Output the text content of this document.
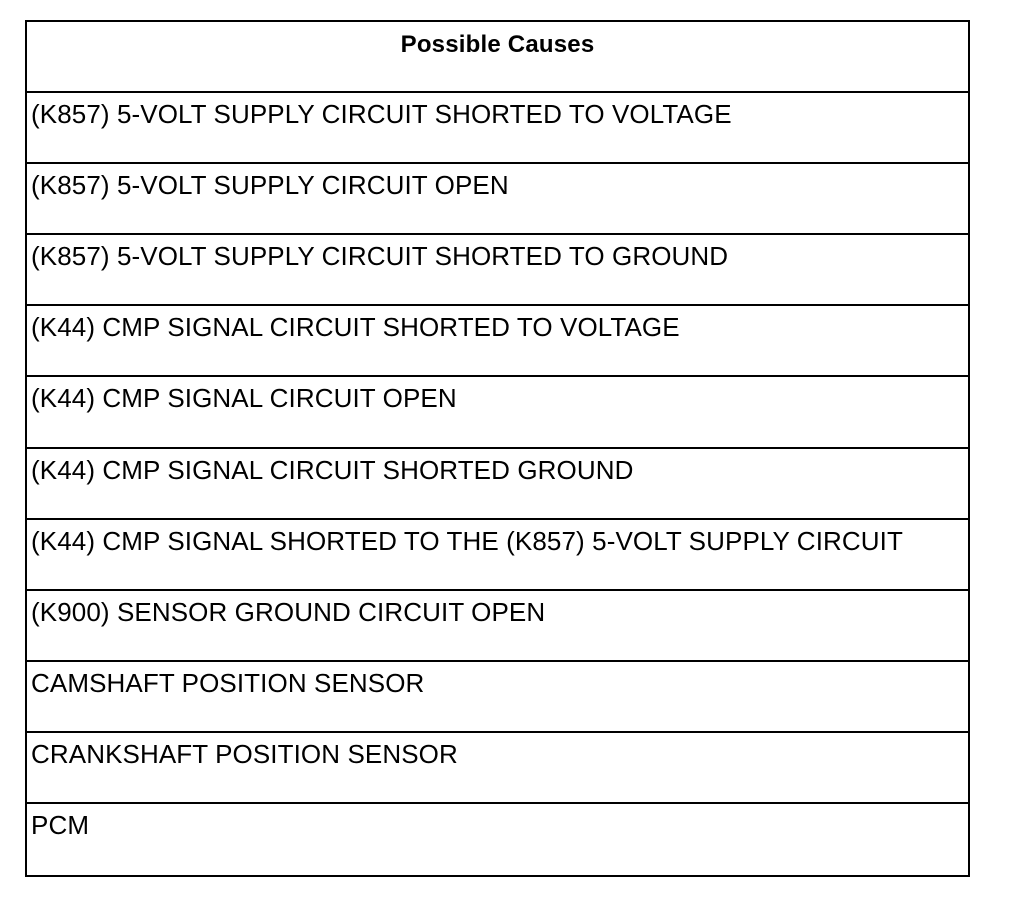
Possible Causes
(K857) 5-VOLT SUPPLY CIRCUIT SHORTED TO VOLTAGE
(K857) 5-VOLT SUPPLY CIRCUIT OPEN
(K857) 5-VOLT SUPPLY CIRCUIT SHORTED TO GROUND
(K44) CMP SIGNAL CIRCUIT SHORTED TO VOLTAGE
(K44) CMP SIGNAL CIRCUIT OPEN
(K44) CMP SIGNAL CIRCUIT SHORTED GROUND
(K44) CMP SIGNAL SHORTED TO THE (K857) 5-VOLT SUPPLY CIRCUIT
(K900) SENSOR GROUND CIRCUIT OPEN
CAMSHAFT POSITION SENSOR
CRANKSHAFT POSITION SENSOR
PCM
